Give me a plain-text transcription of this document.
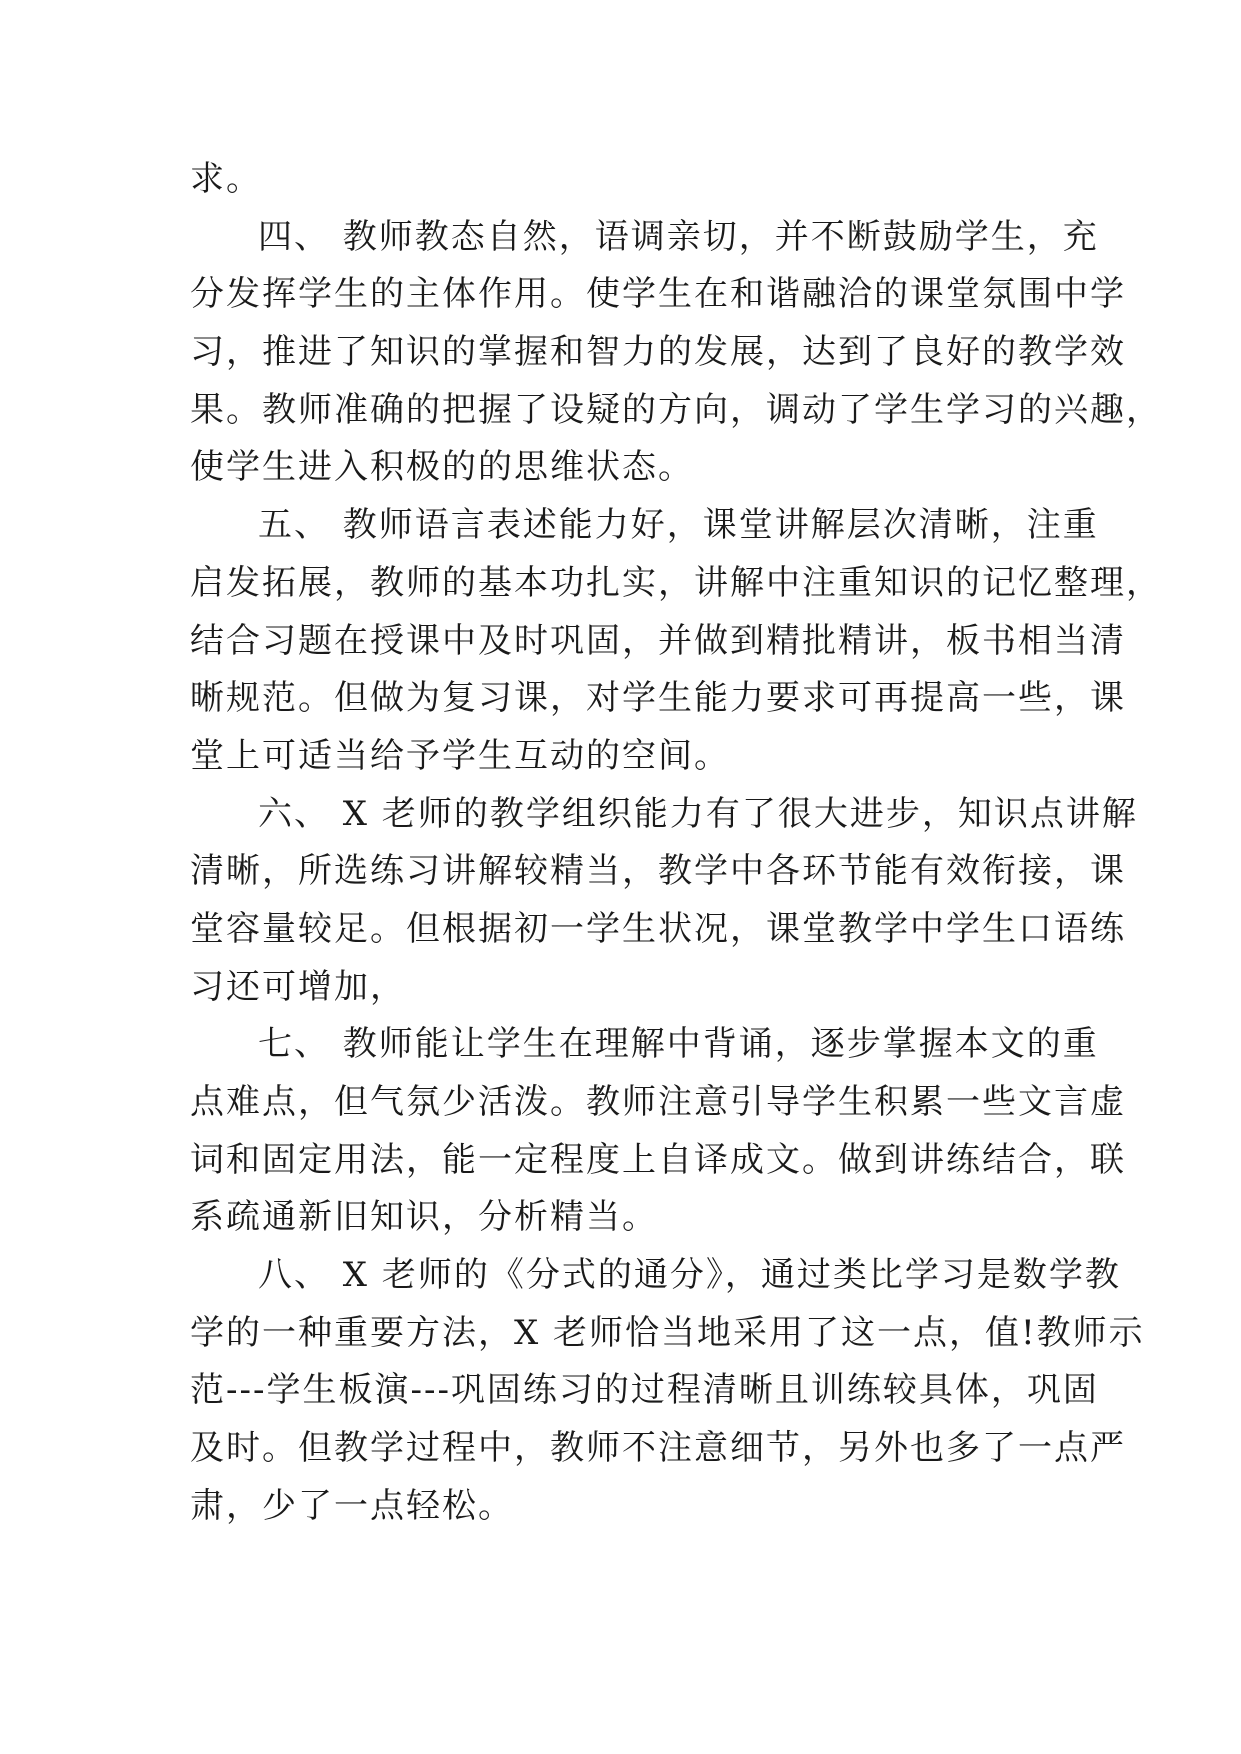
求。
四、 教师教态自然，语调亲切，并不断鼓励学生，充
分发挥学生的主体作用。使学生在和谐融洽的课堂氛围中学
习，推进了知识的掌握和智力的发展，达到了良好的教学效
果。教师准确的把握了设疑的方向，调动了学生学习的兴趣，
使学生进入积极的的思维状态。
五、 教师语言表述能力好，课堂讲解层次清晰，注重
启发拓展，教师的基本功扎实，讲解中注重知识的记忆整理，
结合习题在授课中及时巩固，并做到精批精讲，板书相当清
晰规范。但做为复习课，对学生能力要求可再提高一些，课
堂上可适当给予学生互动的空间。
六、 X 老师的教学组织能力有了很大进步，知识点讲解
清晰，所选练习讲解较精当，教学中各环节能有效衔接，课
堂容量较足。但根据初一学生状况，课堂教学中学生口语练
习还可增加，
七、 教师能让学生在理解中背诵，逐步掌握本文的重
点难点，但气氛少活泼。教师注意引导学生积累一些文言虚
词和固定用法，能一定程度上自译成文。做到讲练结合，联
系疏通新旧知识，分析精当。
八、 X 老师的《分式的通分》，通过类比学习是数学教
学的一种重要方法，X 老师恰当地采用了这一点，值!教师示
范---学生板演---巩固练习的过程清晰且训练较具体，巩固
及时。但教学过程中，教师不注意细节，另外也多了一点严
肃，少了一点轻松。
